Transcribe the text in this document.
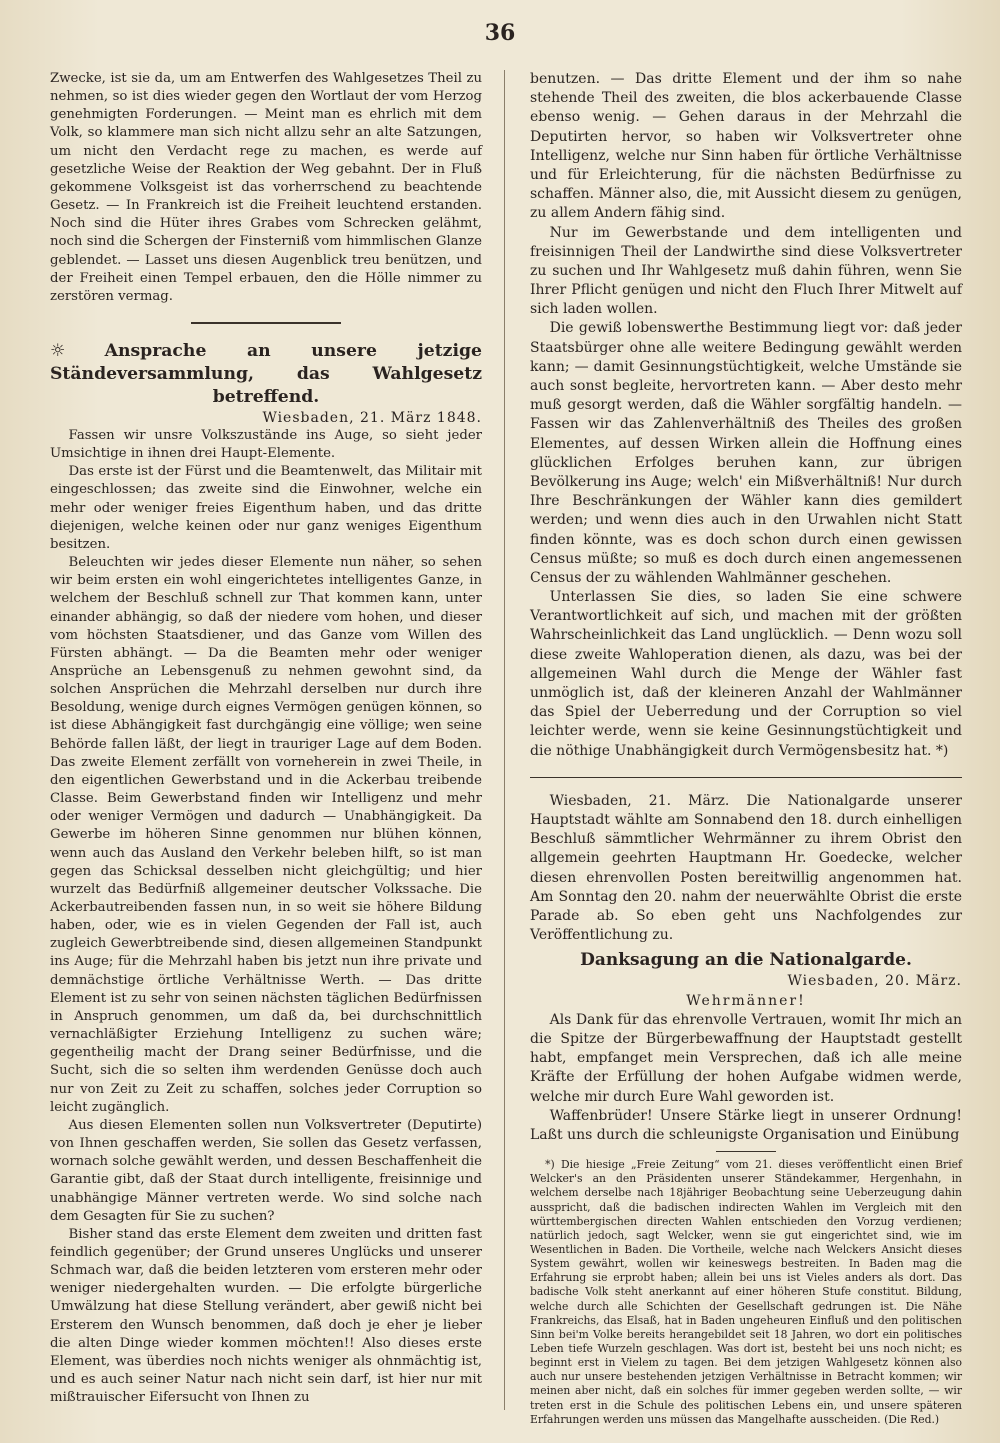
36

Zwecke, ist sie da, um am Entwerfen des Wahlgesetzes Theil zu nehmen, so ist dies wieder gegen den Wortlaut der vom Herzog genehmigten Forderungen. — Meint man es ehrlich mit dem Volk, so klammere man sich nicht allzu sehr an alte Satzungen, um nicht den Verdacht rege zu machen, es werde auf gesetzliche Weise der Reaktion der Weg gebahnt. Der in Fluß gekommene Volksgeist ist das vorherrschend zu beachtende Gesetz. — In Frankreich ist die Freiheit leuchtend erstanden. Noch sind die Hüter ihres Grabes vom Schrecken gelähmt, noch sind die Schergen der Finsterniß vom himmlischen Glanze geblendet. — Lasset uns diesen Augenblick treu benützen, und der Freiheit einen Tempel erbauen, den die Hölle nimmer zu zerstören vermag.

☼ Ansprache an unsere jetzige Ständeversammlung, das Wahlgesetz betreffend.

Wiesbaden, 21. März 1848.

Fassen wir unsre Volkszustände ins Auge, so sieht jeder Umsichtige in ihnen drei Haupt-Elemente.

Das erste ist der Fürst und die Beamtenwelt, das Militair mit eingeschlossen; das zweite sind die Einwohner, welche ein mehr oder weniger freies Eigenthum haben, und das dritte diejenigen, welche keinen oder nur ganz weniges Eigenthum besitzen.

Beleuchten wir jedes dieser Elemente nun näher, so sehen wir beim ersten ein wohl eingerichtetes intelligentes Ganze, in welchem der Beschluß schnell zur That kommen kann, unter einander abhängig, so daß der niedere vom hohen, und dieser vom höchsten Staatsdiener, und das Ganze vom Willen des Fürsten abhängt. — Da die Beamten mehr oder weniger Ansprüche an Lebensgenuß zu nehmen gewohnt sind, da solchen Ansprüchen die Mehrzahl derselben nur durch ihre Besoldung, wenige durch eignes Vermögen genügen können, so ist diese Abhängigkeit fast durchgängig eine völlige; wen seine Behörde fallen läßt, der liegt in trauriger Lage auf dem Boden. Das zweite Element zerfällt von vorneherein in zwei Theile, in den eigentlichen Gewerbstand und in die Ackerbau treibende Classe. Beim Gewerbstand finden wir Intelligenz und mehr oder weniger Vermögen und dadurch — Unabhängigkeit. Da Gewerbe im höheren Sinne genommen nur blühen können, wenn auch das Ausland den Verkehr beleben hilft, so ist man gegen das Schicksal desselben nicht gleichgültig; und hier wurzelt das Bedürfniß allgemeiner deutscher Volkssache. Die Ackerbautreibenden fassen nun, in so weit sie höhere Bildung haben, oder, wie es in vielen Gegenden der Fall ist, auch zugleich Gewerbtreibende sind, diesen allgemeinen Standpunkt ins Auge; für die Mehrzahl haben bis jetzt nun ihre private und demnächstige örtliche Verhältnisse Werth. — Das dritte Element ist zu sehr von seinen nächsten täglichen Bedürfnissen in Anspruch genommen, um daß da, bei durchschnittlich vernachläßigter Erziehung Intelligenz zu suchen wäre; gegentheilig macht der Drang seiner Bedürfnisse, und die Sucht, sich die so selten ihm werdenden Genüsse doch auch nur von Zeit zu Zeit zu schaffen, solches jeder Corruption so leicht zugänglich.

Aus diesen Elementen sollen nun Volksvertreter (Deputirte) von Ihnen geschaffen werden, Sie sollen das Gesetz verfassen, wornach solche gewählt werden, und dessen Beschaffenheit die Garantie gibt, daß der Staat durch intelligente, freisinnige und unabhängige Männer vertreten werde. Wo sind solche nach dem Gesagten für Sie zu suchen?

Bisher stand das erste Element dem zweiten und dritten fast feindlich gegenüber; der Grund unseres Unglücks und unserer Schmach war, daß die beiden letzteren vom ersteren mehr oder weniger niedergehalten wurden. — Die erfolgte bürgerliche Umwälzung hat diese Stellung verändert, aber gewiß nicht bei Ersterem den Wunsch benommen, daß doch je eher je lieber die alten Dinge wieder kommen möchten!! Also dieses erste Element, was überdies noch nichts weniger als ohnmächtig ist, und es auch seiner Natur nach nicht sein darf, ist hier nur mit mißtrauischer Eifersucht von Ihnen zu

benutzen. — Das dritte Element und der ihm so nahe stehende Theil des zweiten, die blos ackerbauende Classe ebenso wenig. — Gehen daraus in der Mehrzahl die Deputirten hervor, so haben wir Volksvertreter ohne Intelligenz, welche nur Sinn haben für örtliche Verhältnisse und für Erleichterung, für die nächsten Bedürfnisse zu schaffen. Männer also, die, mit Aussicht diesem zu genügen, zu allem Andern fähig sind.

Nur im Gewerbstande und dem intelligenten und freisinnigen Theil der Landwirthe sind diese Volksvertreter zu suchen und Ihr Wahlgesetz muß dahin führen, wenn Sie Ihrer Pflicht genügen und nicht den Fluch Ihrer Mitwelt auf sich laden wollen.

Die gewiß lobenswerthe Bestimmung liegt vor: daß jeder Staatsbürger ohne alle weitere Bedingung gewählt werden kann; — damit Gesinnungstüchtigkeit, welche Umstände sie auch sonst begleite, hervortreten kann. — Aber desto mehr muß gesorgt werden, daß die Wähler sorgfältig handeln. — Fassen wir das Zahlenverhältniß des Theiles des großen Elementes, auf dessen Wirken allein die Hoffnung eines glücklichen Erfolges beruhen kann, zur übrigen Bevölkerung ins Auge; welch' ein Mißverhältniß! Nur durch Ihre Beschränkungen der Wähler kann dies gemildert werden; und wenn dies auch in den Urwahlen nicht Statt finden könnte, was es doch schon durch einen gewissen Census müßte; so muß es doch durch einen angemessenen Census der zu wählenden Wahlmänner geschehen.

Unterlassen Sie dies, so laden Sie eine schwere Verantwortlichkeit auf sich, und machen mit der größten Wahrscheinlichkeit das Land unglücklich. — Denn wozu soll diese zweite Wahloperation dienen, als dazu, was bei der allgemeinen Wahl durch die Menge der Wähler fast unmöglich ist, daß der kleineren Anzahl der Wahlmänner das Spiel der Ueberredung und der Corruption so viel leichter werde, wenn sie keine Gesinnungstüchtigkeit und die nöthige Unabhängigkeit durch Vermögensbesitz hat. *)

Wiesbaden, 21. März. Die Nationalgarde unserer Hauptstadt wählte am Sonnabend den 18. durch einhelligen Beschluß sämmtlicher Wehrmänner zu ihrem Obrist den allgemein geehrten Hauptmann Hr. Goedecke, welcher diesen ehrenvollen Posten bereitwillig angenommen hat. Am Sonntag den 20. nahm der neuerwählte Obrist die erste Parade ab. So eben geht uns Nachfolgendes zur Veröffentlichung zu.

Danksagung an die Nationalgarde.

Wiesbaden, 20. März.

Wehrmänner!

Als Dank für das ehrenvolle Vertrauen, womit Ihr mich an die Spitze der Bürgerbewaffnung der Hauptstadt gestellt habt, empfanget mein Versprechen, daß ich alle meine Kräfte der Erfüllung der hohen Aufgabe widmen werde, welche mir durch Eure Wahl geworden ist.

Waffenbrüder! Unsere Stärke liegt in unserer Ordnung! Laßt uns durch die schleunigste Organisation und Einübung

*) Die hiesige „Freie Zeitung“ vom 21. dieses veröffentlicht einen Brief Welcker's an den Präsidenten unserer Ständekammer, Hergenhahn, in welchem derselbe nach 18jähriger Beobachtung seine Ueberzeugung dahin ausspricht, daß die badischen indirecten Wahlen im Vergleich mit den württembergischen directen Wahlen entschieden den Vorzug verdienen; natürlich jedoch, sagt Welcker, wenn sie gut eingerichtet sind, wie im Wesentlichen in Baden. Die Vortheile, welche nach Welckers Ansicht dieses System gewährt, wollen wir keineswegs bestreiten. In Baden mag die Erfahrung sie erprobt haben; allein bei uns ist Vieles anders als dort. Das badische Volk steht anerkannt auf einer höheren Stufe constitut. Bildung, welche durch alle Schichten der Gesellschaft gedrungen ist. Die Nähe Frankreichs, das Elsaß, hat in Baden ungeheuren Einfluß und den politischen Sinn bei'm Volke bereits herangebildet seit 18 Jahren, wo dort ein politisches Leben tiefe Wurzeln geschlagen. Was dort ist, besteht bei uns noch nicht; es beginnt erst in Vielem zu tagen. Bei dem jetzigen Wahlgesetz können also auch nur unsere bestehenden jetzigen Verhältnisse in Betracht kommen; wir meinen aber nicht, daß ein solches für immer gegeben werden sollte, — wir treten erst in die Schule des politischen Lebens ein, und unsere späteren Erfahrungen werden uns müssen das Mangelhafte ausscheiden. (Die Red.)
